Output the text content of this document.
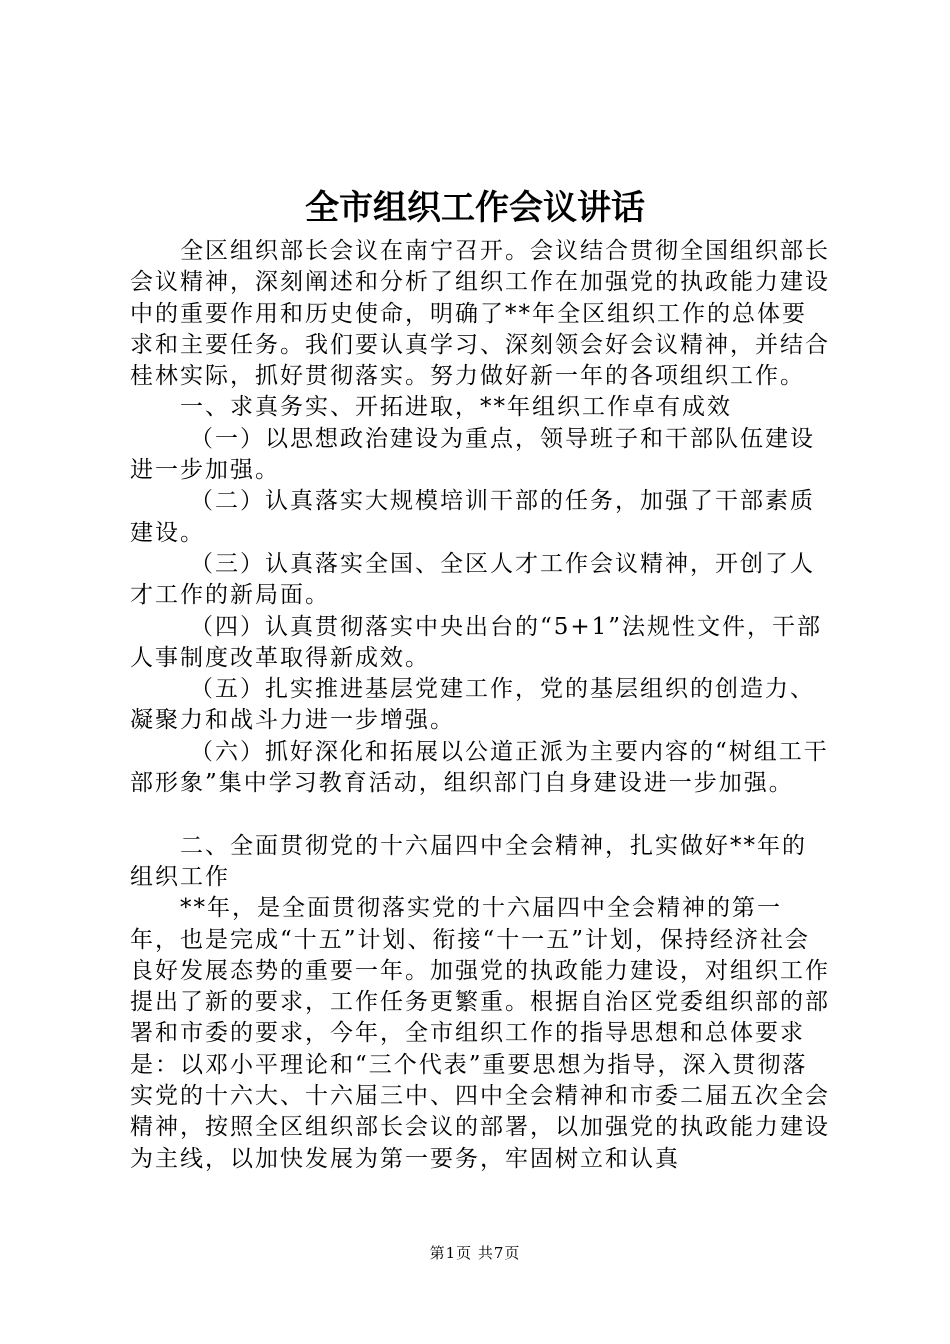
全市组织工作会议讲话

全区组织部长会议在南宁召开。会议结合贯彻全国组织部长会议精神，深刻阐述和分析了组织工作在加强党的执政能力建设中的重要作用和历史使命，明确了**年全区组织工作的总体要求和主要任务。我们要认真学习、深刻领会好会议精神，并结合桂林实际，抓好贯彻落实。努力做好新一年的各项组织工作。

一、求真务实、开拓进取，**年组织工作卓有成效

（一）以思想政治建设为重点，领导班子和干部队伍建设进一步加强。

（二）认真落实大规模培训干部的任务，加强了干部素质建设。

（三）认真落实全国、全区人才工作会议精神，开创了人才工作的新局面。

（四）认真贯彻落实中央出台的“5+1”法规性文件，干部人事制度改革取得新成效。

（五）扎实推进基层党建工作，党的基层组织的创造力、凝聚力和战斗力进一步增强。

（六）抓好深化和拓展以公道正派为主要内容的“树组工干部形象”集中学习教育活动，组织部门自身建设进一步加强。

二、全面贯彻党的十六届四中全会精神，扎实做好**年的组织工作

**年，是全面贯彻落实党的十六届四中全会精神的第一年，也是完成“十五”计划、衔接“十一五”计划，保持经济社会良好发展态势的重要一年。加强党的执政能力建设，对组织工作提出了新的要求，工作任务更繁重。根据自治区党委组织部的部署和市委的要求，今年，全市组织工作的指导思想和总体要求是：以邓小平理论和“三个代表”重要思想为指导，深入贯彻落实党的十六大、十六届三中、四中全会精神和市委二届五次全会精神，按照全区组织部长会议的部署，以加强党的执政能力建设为主线，以加快发展为第一要务，牢固树立和认真

第1页 共7页
